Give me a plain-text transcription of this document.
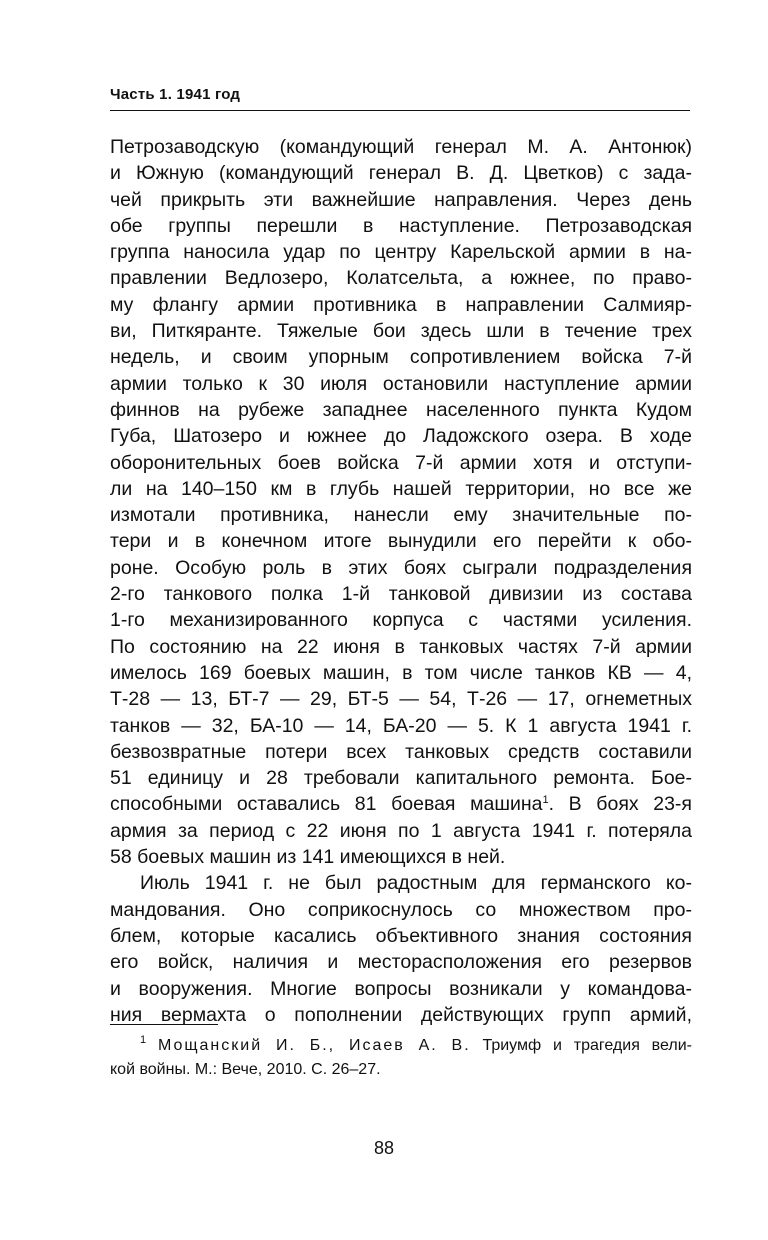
Часть 1. 1941 год
Петрозаводскую (командующий генерал М. А. Антонюк)
и Южную (командующий генерал В. Д. Цветков) с зада-
чей прикрыть эти важнейшие направления. Через день
обе группы перешли в наступление. Петрозаводская
группа наносила удар по центру Карельской армии в на-
правлении Ведлозеро, Колатсельта, а южнее, по право-
му флангу армии противника в направлении Салмияр-
ви, Питкяранте. Тяжелые бои здесь шли в течение трех
недель, и своим упорным сопротивлением войска 7-й
армии только к 30 июля остановили наступление армии
финнов на рубеже западнее населенного пункта Кудом
Губа, Шатозеро и южнее до Ладожского озера. В ходе
оборонительных боев войска 7-й армии хотя и отступи-
ли на 140–150 км в глубь нашей территории, но все же
измотали противника, нанесли ему значительные по-
тери и в конечном итоге вынудили его перейти к обо-
роне. Особую роль в этих боях сыграли подразделения
2-го танкового полка 1-й танковой дивизии из состава
1-го механизированного корпуса с частями усиления.
По состоянию на 22 июня в танковых частях 7-й армии
имелось 169 боевых машин, в том числе танков КВ — 4,
Т-28 — 13, БТ-7 — 29, БТ-5 — 54, Т-26 — 17, огнеметных
танков — 32, БА-10 — 14, БА-20 — 5. К 1 августа 1941 г.
безвозвратные потери всех танковых средств составили
51 единицу и 28 требовали капитального ремонта. Бое-
способными оставались 81 боевая машина$^1$. В боях 23-я
армия за период с 22 июня по 1 августа 1941 г. потеряла
58 боевых машин из 141 имеющихся в ней.
Июль 1941 г. не был радостным для германского ко-
мандования. Оно соприкоснулось со множеством про-
блем, которые касались объективного знания состояния
его войск, наличия и месторасположения его резервов
и вооружения. Многие вопросы возникали у командова-
ния вермахта о пополнении действующих групп армий,
$^1$ Мощанский И. Б., Исаев А. В. Триумф и трагедия вели-
кой войны. М.: Вече, 2010. С. 26–27.
88
